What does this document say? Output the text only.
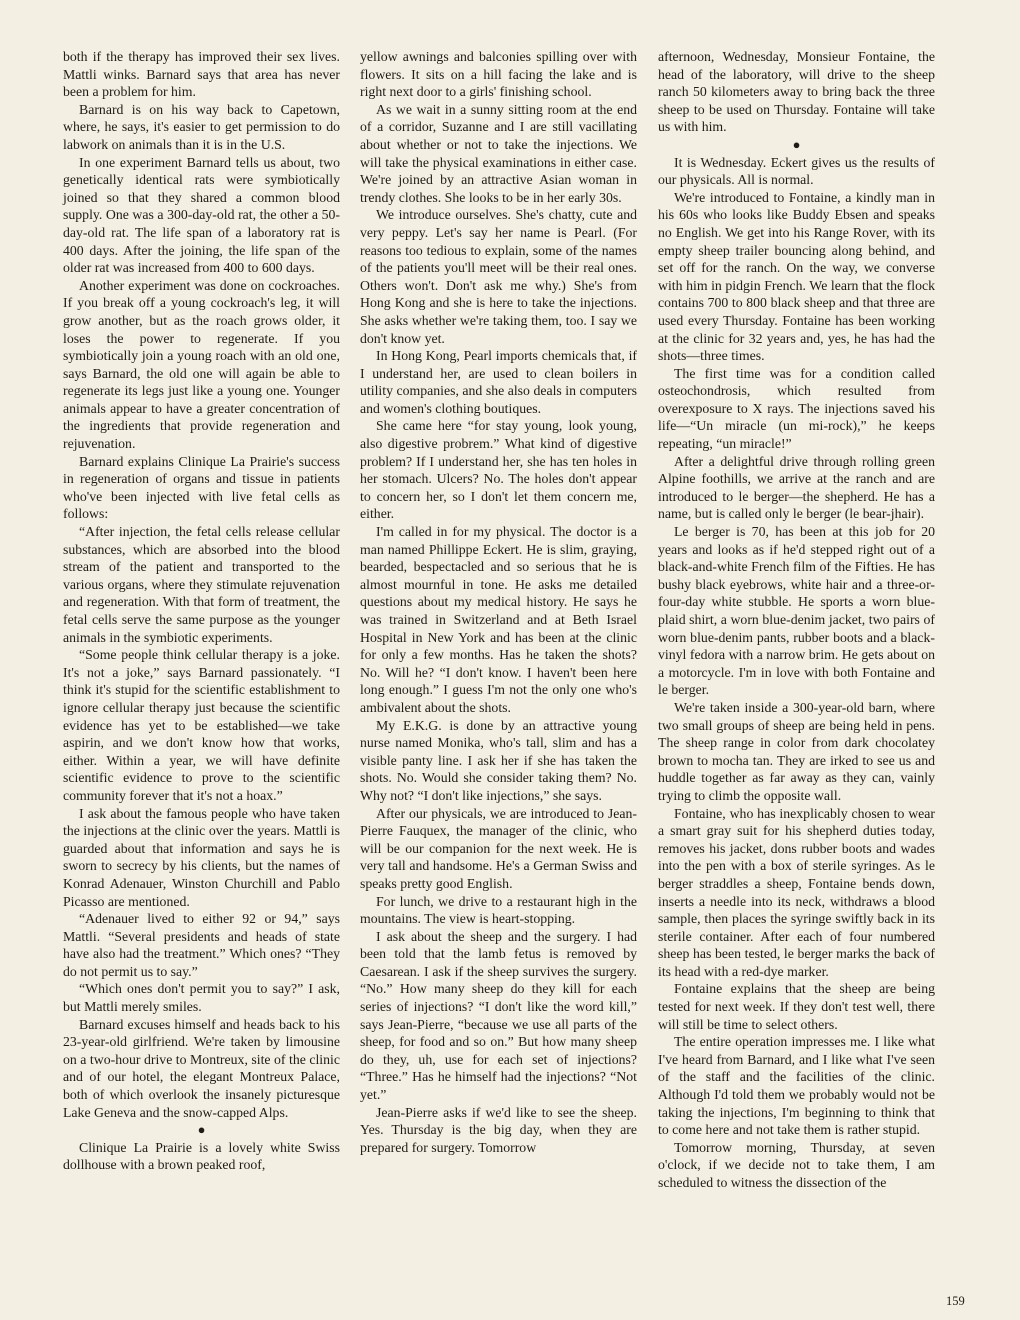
both if the therapy has improved their sex lives. Mattli winks. Barnard says that area has never been a problem for him.

Barnard is on his way back to Capetown, where, he says, it's easier to get permission to do labwork on animals than it is in the U.S.

In one experiment Barnard tells us about, two genetically identical rats were symbiotically joined so that they shared a common blood supply. One was a 300-day-old rat, the other a 50-day-old rat. The life span of a laboratory rat is 400 days. After the joining, the life span of the older rat was increased from 400 to 600 days.

Another experiment was done on cockroaches. If you break off a young cockroach's leg, it will grow another, but as the roach grows older, it loses the power to regenerate. If you symbiotically join a young roach with an old one, says Barnard, the old one will again be able to regenerate its legs just like a young one. Younger animals appear to have a greater concentration of the ingredients that provide regeneration and rejuvenation.

Barnard explains Clinique La Prairie's success in regeneration of organs and tissue in patients who've been injected with live fetal cells as follows:

“After injection, the fetal cells release cellular substances, which are absorbed into the blood stream of the patient and transported to the various organs, where they stimulate rejuvenation and regeneration. With that form of treatment, the fetal cells serve the same purpose as the younger animals in the symbiotic experiments.

“Some people think cellular therapy is a joke. It's not a joke,” says Barnard passionately. “I think it's stupid for the scientific establishment to ignore cellular therapy just because the scientific evidence has yet to be established—we take aspirin, and we don't know how that works, either. Within a year, we will have definite scientific evidence to prove to the scientific community forever that it's not a hoax.”

I ask about the famous people who have taken the injections at the clinic over the years. Mattli is guarded about that information and says he is sworn to secrecy by his clients, but the names of Konrad Adenauer, Winston Churchill and Pablo Picasso are mentioned.

“Adenauer lived to either 92 or 94,” says Mattli. “Several presidents and heads of state have also had the treatment.” Which ones? “They do not permit us to say.”

“Which ones don't permit you to say?” I ask, but Mattli merely smiles.

Barnard excuses himself and heads back to his 23-year-old girlfriend. We're taken by limousine on a two-hour drive to Montreux, site of the clinic and of our hotel, the elegant Montreux Palace, both of which overlook the insanely picturesque Lake Geneva and the snow-capped Alps.

●

Clinique La Prairie is a lovely white Swiss dollhouse with a brown peaked roof,

yellow awnings and balconies spilling over with flowers. It sits on a hill facing the lake and is right next door to a girls' finishing school.

As we wait in a sunny sitting room at the end of a corridor, Suzanne and I are still vacillating about whether or not to take the injections. We will take the physical examinations in either case. We're joined by an attractive Asian woman in trendy clothes. She looks to be in her early 30s.

We introduce ourselves. She's chatty, cute and very peppy. Let's say her name is Pearl. (For reasons too tedious to explain, some of the names of the patients you'll meet will be their real ones. Others won't. Don't ask me why.) She's from Hong Kong and she is here to take the injections. She asks whether we're taking them, too. I say we don't know yet.

In Hong Kong, Pearl imports chemicals that, if I understand her, are used to clean boilers in utility companies, and she also deals in computers and women's clothing boutiques.

She came here “for stay young, look young, also digestive probrem.” What kind of digestive problem? If I understand her, she has ten holes in her stomach. Ulcers? No. The holes don't appear to concern her, so I don't let them concern me, either.

I'm called in for my physical. The doctor is a man named Phillippe Eckert. He is slim, graying, bearded, bespectacled and so serious that he is almost mournful in tone. He asks me detailed questions about my medical history. He says he was trained in Switzerland and at Beth Israel Hospital in New York and has been at the clinic for only a few months. Has he taken the shots? No. Will he? “I don't know. I haven't been here long enough.” I guess I'm not the only one who's ambivalent about the shots.

My E.K.G. is done by an attractive young nurse named Monika, who's tall, slim and has a visible panty line. I ask her if she has taken the shots. No. Would she consider taking them? No. Why not? “I don't like injections,” she says.

After our physicals, we are introduced to Jean-Pierre Fauquex, the manager of the clinic, who will be our companion for the next week. He is very tall and handsome. He's a German Swiss and speaks pretty good English.

For lunch, we drive to a restaurant high in the mountains. The view is heart-stopping.

I ask about the sheep and the surgery. I had been told that the lamb fetus is removed by Caesarean. I ask if the sheep survives the surgery. “No.” How many sheep do they kill for each series of injections? “I don't like the word kill,” says Jean-Pierre, “because we use all parts of the sheep, for food and so on.” But how many sheep do they, uh, use for each set of injections? “Three.” Has he himself had the injections? “Not yet.”

Jean-Pierre asks if we'd like to see the sheep. Yes. Thursday is the big day, when they are prepared for surgery. Tomorrow

afternoon, Wednesday, Monsieur Fontaine, the head of the laboratory, will drive to the sheep ranch 50 kilometers away to bring back the three sheep to be used on Thursday. Fontaine will take us with him.

●

It is Wednesday. Eckert gives us the results of our physicals. All is normal.

We're introduced to Fontaine, a kindly man in his 60s who looks like Buddy Ebsen and speaks no English. We get into his Range Rover, with its empty sheep trailer bouncing along behind, and set off for the ranch. On the way, we converse with him in pidgin French. We learn that the flock contains 700 to 800 black sheep and that three are used every Thursday. Fontaine has been working at the clinic for 32 years and, yes, he has had the shots—three times.

The first time was for a condition called osteochondrosis, which resulted from overexposure to X rays. The injections saved his life—“Un miracle (un mi-rock),” he keeps repeating, “un miracle!”

After a delightful drive through rolling green Alpine foothills, we arrive at the ranch and are introduced to le berger—the shepherd. He has a name, but is called only le berger (le bear-jhair).

Le berger is 70, has been at this job for 20 years and looks as if he'd stepped right out of a black-and-white French film of the Fifties. He has bushy black eyebrows, white hair and a three-or-four-day white stubble. He sports a worn blue-plaid shirt, a worn blue-denim jacket, two pairs of worn blue-denim pants, rubber boots and a black-vinyl fedora with a narrow brim. He gets about on a motorcycle. I'm in love with both Fontaine and le berger.

We're taken inside a 300-year-old barn, where two small groups of sheep are being held in pens. The sheep range in color from dark chocolatey brown to mocha tan. They are irked to see us and huddle together as far away as they can, vainly trying to climb the opposite wall.

Fontaine, who has inexplicably chosen to wear a smart gray suit for his shepherd duties today, removes his jacket, dons rubber boots and wades into the pen with a box of sterile syringes. As le berger straddles a sheep, Fontaine bends down, inserts a needle into its neck, withdraws a blood sample, then places the syringe swiftly back in its sterile container. After each of four numbered sheep has been tested, le berger marks the back of its head with a red-dye marker.

Fontaine explains that the sheep are being tested for next week. If they don't test well, there will still be time to select others.

The entire operation impresses me. I like what I've heard from Barnard, and I like what I've seen of the staff and the facilities of the clinic. Although I'd told them we probably would not be taking the injections, I'm beginning to think that to come here and not take them is rather stupid.

Tomorrow morning, Thursday, at seven o'clock, if we decide not to take them, I am scheduled to witness the dissection of the

159
